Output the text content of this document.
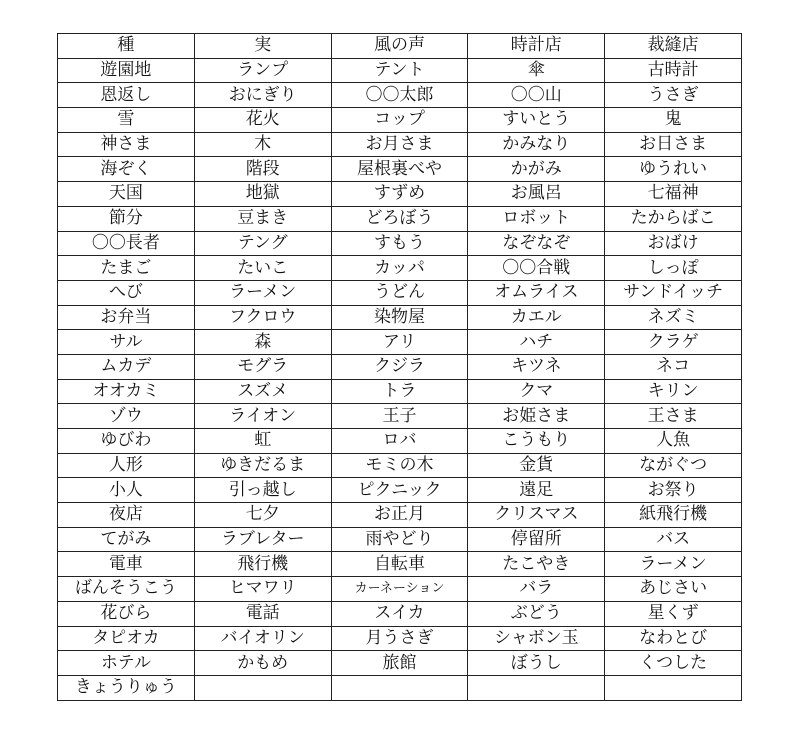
種	実	風の声	時計店	裁縫店
遊園地	ランプ	テント	傘	古時計
恩返し	おにぎり	〇〇太郎	〇〇山	うさぎ
雪	花火	コップ	すいとう	鬼
神さま	木	お月さま	かみなり	お日さま
海ぞく	階段	屋根裏べや	かがみ	ゆうれい
天国	地獄	すずめ	お風呂	七福神
節分	豆まき	どろぼう	ロボット	たからばこ
〇〇長者	テング	すもう	なぞなぞ	おばけ
たまご	たいこ	カッパ	〇〇合戦	しっぽ
へび	ラーメン	うどん	オムライス	サンドイッチ
お弁当	フクロウ	染物屋	カエル	ネズミ
サル	森	アリ	ハチ	クラゲ
ムカデ	モグラ	クジラ	キツネ	ネコ
オオカミ	スズメ	トラ	クマ	キリン
ゾウ	ライオン	王子	お姫さま	王さま
ゆびわ	虹	ロバ	こうもり	人魚
人形	ゆきだるま	モミの木	金貨	ながぐつ
小人	引っ越し	ピクニック	遠足	お祭り
夜店	七夕	お正月	クリスマス	紙飛行機
てがみ	ラブレター	雨やどり	停留所	バス
電車	飛行機	自転車	たこやき	ラーメン
ばんそうこう	ヒマワリ	カーネーション	バラ	あじさい
花びら	電話	スイカ	ぶどう	星くず
タピオカ	バイオリン	月うさぎ	シャボン玉	なわとび
ホテル	かもめ	旅館	ぼうし	くつした
きょうりゅう				
